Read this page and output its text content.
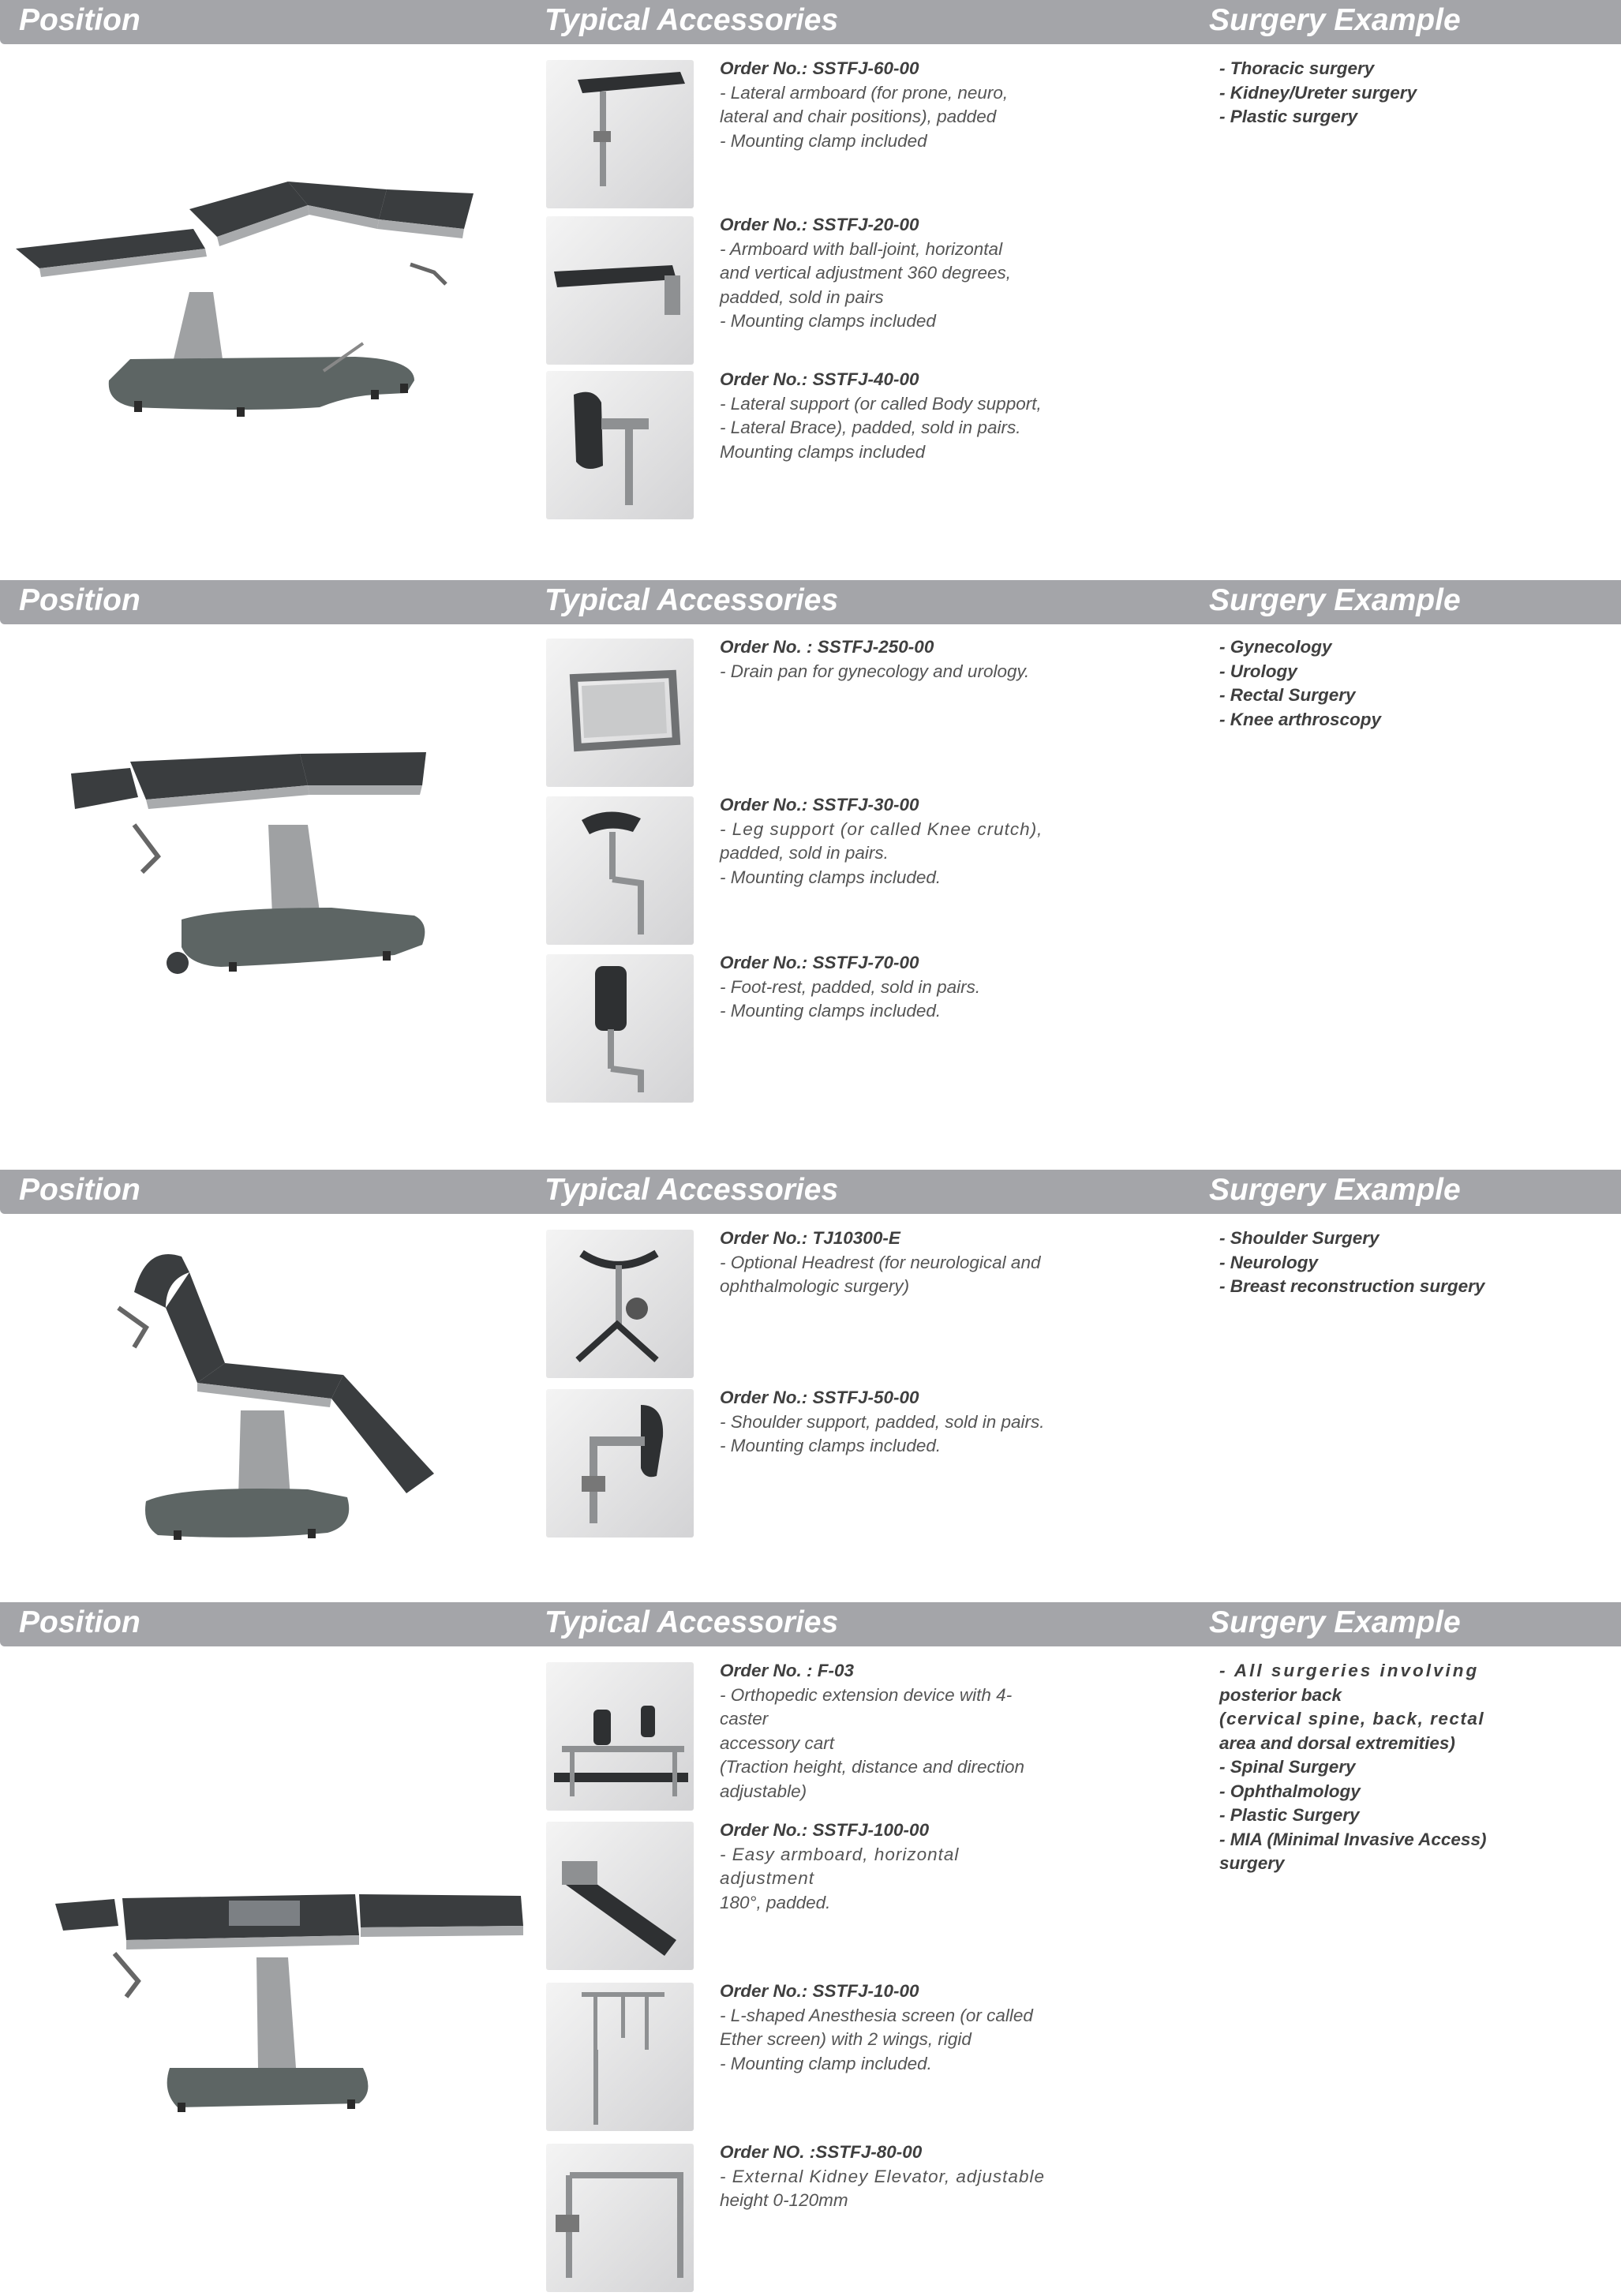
Position	Typical Accessories	Surgery Example
Order No.: SSTFJ-60-00
- Lateral armboard (for prone, neuro,
lateral and chair positions), padded
- Mounting clamp included
Order No.: SSTFJ-20-00
- Armboard with ball-joint, horizontal
and vertical adjustment 360 degrees,
padded, sold in pairs
- Mounting clamps included
Order No.: SSTFJ-40-00
- Lateral support (or called Body support,
- Lateral Brace), padded, sold in pairs.
Mounting clamps included
- Thoracic surgery
- Kidney/Ureter surgery
- Plastic surgery
Position	Typical Accessories	Surgery Example
Order No. : SSTFJ-250-00
- Drain pan for gynecology and urology.
Order No.: SSTFJ-30-00
- Leg support (or called Knee crutch),
padded, sold in pairs.
- Mounting clamps included.
Order No.: SSTFJ-70-00
- Foot-rest, padded, sold in pairs.
- Mounting clamps included.
- Gynecology
- Urology
- Rectal Surgery
- Knee arthroscopy
Position	Typical Accessories	Surgery Example
Order No.: TJ10300-E
- Optional Headrest (for neurological and
ophthalmologic surgery)
Order No.: SSTFJ-50-00
- Shoulder support, padded, sold in pairs.
- Mounting clamps included.
- Shoulder Surgery
- Neurology
- Breast reconstruction surgery
Position	Typical Accessories	Surgery Example
Order No. : F-03
- Orthopedic extension device with 4-caster
accessory cart
(Traction height, distance and direction
adjustable)
Order No.: SSTFJ-100-00
- Easy armboard, horizontal adjustment
180°, padded.
Order No.: SSTFJ-10-00
- L-shaped Anesthesia screen (or called
Ether screen) with 2 wings, rigid
- Mounting clamp included.
Order NO. :SSTFJ-80-00
- External Kidney Elevator, adjustable
height 0-120mm
- All surgeries involving
posterior back
(cervical spine, back, rectal
area and dorsal extremities)
- Spinal Surgery
- Ophthalmology
- Plastic Surgery
- MIA (Minimal Invasive Access)
surgery
